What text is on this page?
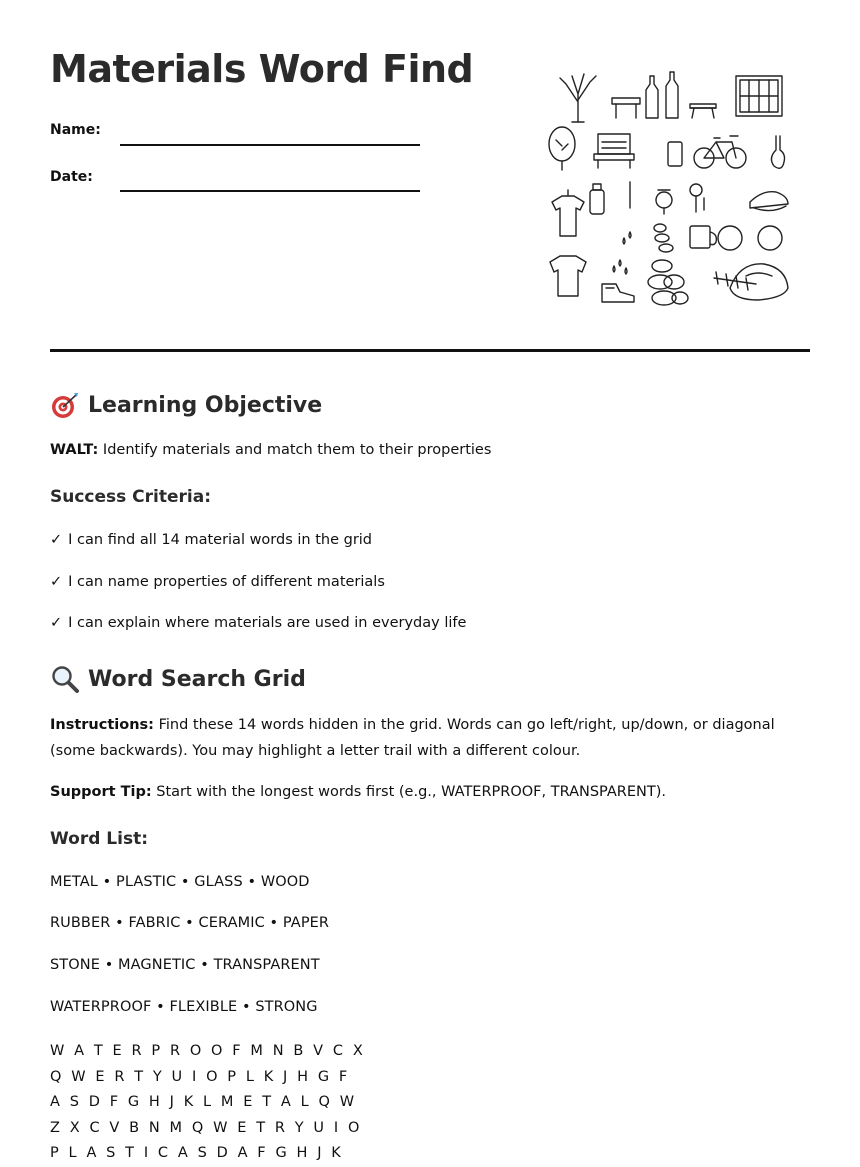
Materials Word Find
Name:
Date:
Learning Objective

WALT: Identify materials and match them to their properties

Success Criteria:
✓ I can find all 14 material words in the grid
✓ I can name properties of different materials
✓ I can explain where materials are used in everyday life
Word Search Grid

Instructions: Find these 14 words hidden in the grid. Words can go left/right, up/down, or diagonal (some backwards). You may highlight a letter trail with a different colour.

Support Tip: Start with the longest words first (e.g., WATERPROOF, TRANSPARENT).

Word List:
METAL • PLASTIC • GLASS • WOOD
RUBBER • FABRIC • CERAMIC • PAPER
STONE • MAGNETIC • TRANSPARENT
WATERPROOF • FLEXIBLE • STRONG
W A T E R P R O O F M N B V C X
Q W E R T Y U I O P L K J H G F
A S D F G H J K L M E T A L Q W
Z X C V B N M Q W E T R Y U I O
P L A S T I C A S D A F G H J K
